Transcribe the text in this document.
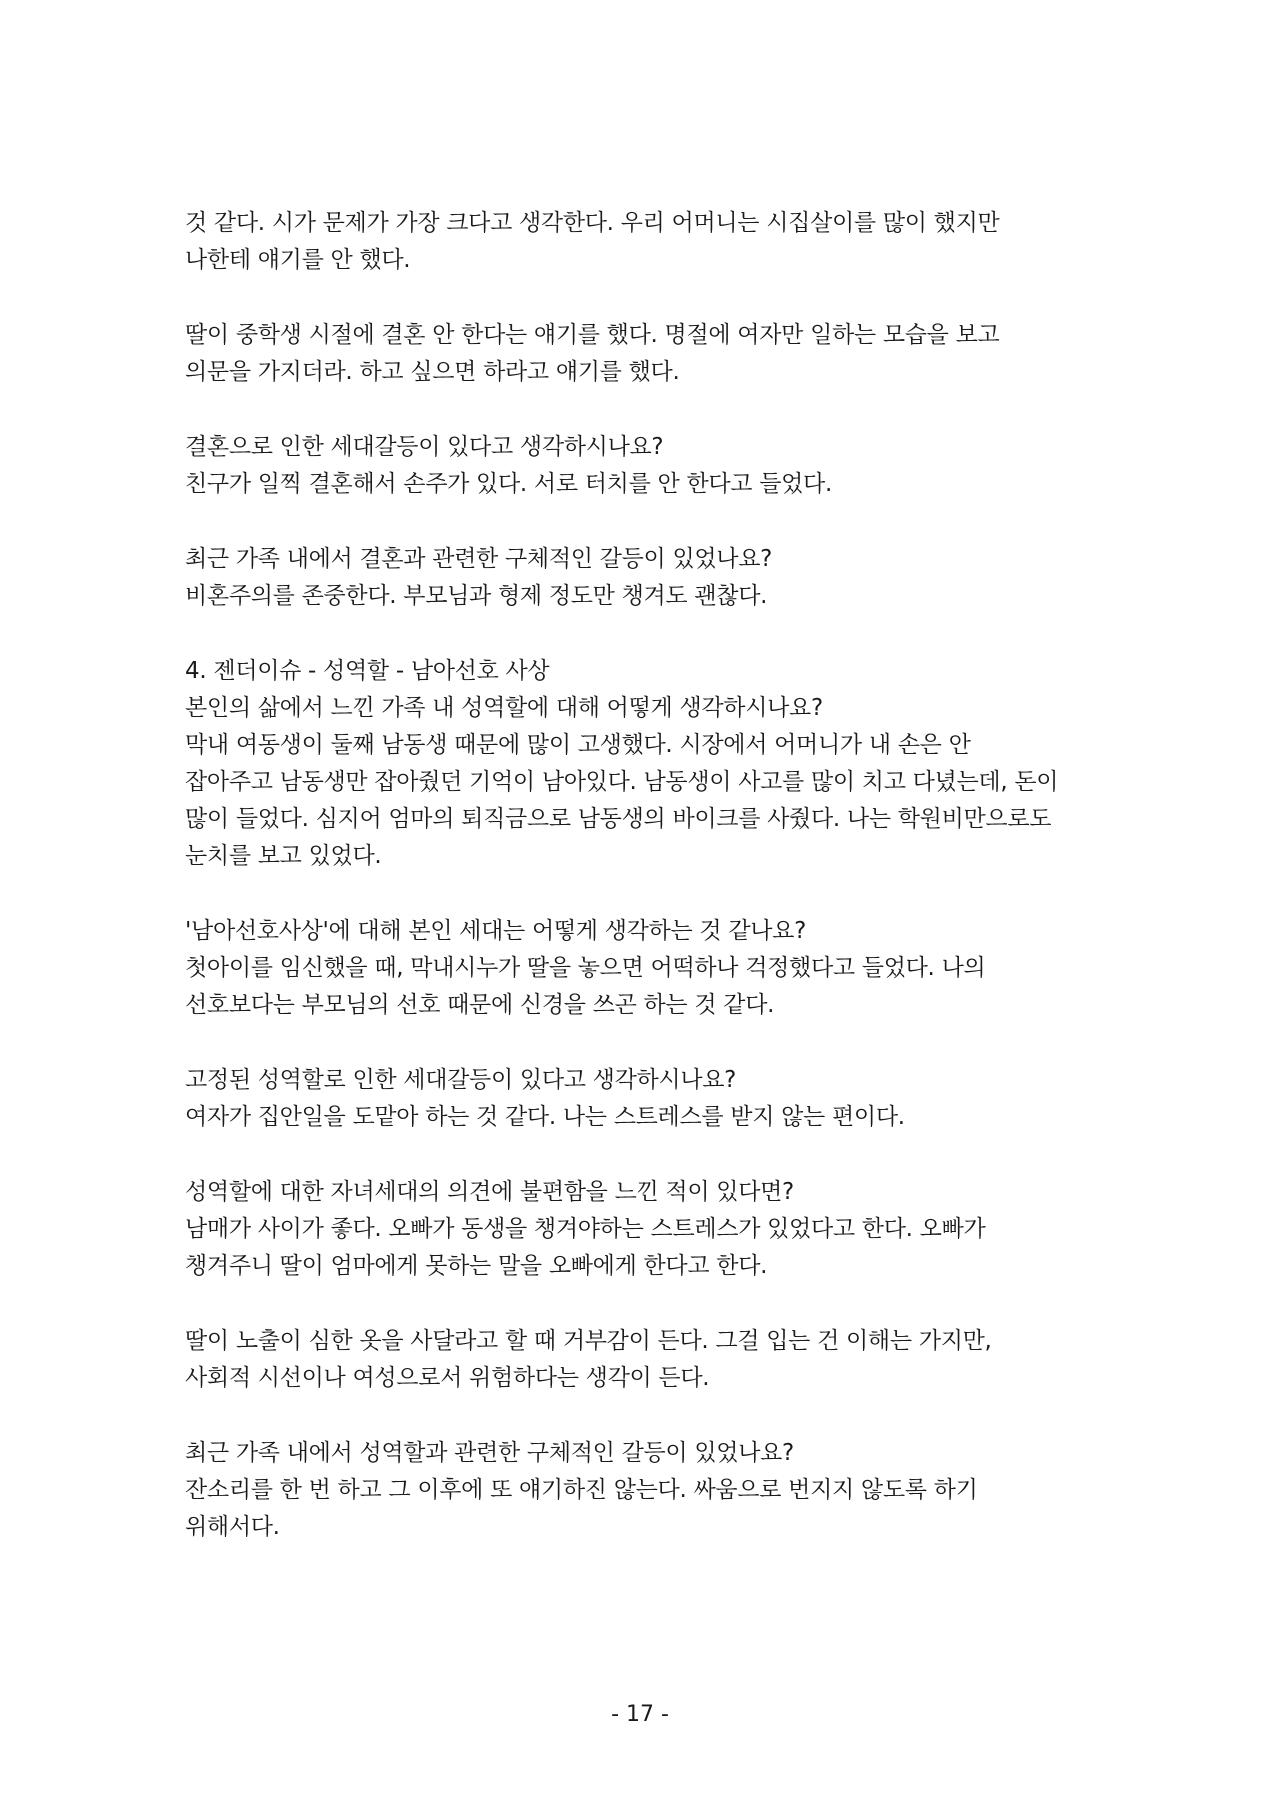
것 같다. 시가 문제가 가장 크다고 생각한다. 우리 어머니는 시집살이를 많이 했지만
나한테 얘기를 안 했다.
딸이 중학생 시절에 결혼 안 한다는 얘기를 했다. 명절에 여자만 일하는 모습을 보고
의문을 가지더라. 하고 싶으면 하라고 얘기를 했다.
결혼으로 인한 세대갈등이 있다고 생각하시나요?
친구가 일찍 결혼해서 손주가 있다. 서로 터치를 안 한다고 들었다.
최근 가족 내에서 결혼과 관련한 구체적인 갈등이 있었나요?
비혼주의를 존중한다. 부모님과 형제 정도만 챙겨도 괜찮다.
4. 젠더이슈 - 성역할 - 남아선호 사상
본인의 삶에서 느낀 가족 내 성역할에 대해 어떻게 생각하시나요?
막내 여동생이 둘째 남동생 때문에 많이 고생했다. 시장에서 어머니가 내 손은 안
잡아주고 남동생만 잡아줬던 기억이 남아있다. 남동생이 사고를 많이 치고 다녔는데, 돈이
많이 들었다. 심지어 엄마의 퇴직금으로 남동생의 바이크를 사줬다. 나는 학원비만으로도
눈치를 보고 있었다.
'남아선호사상'에 대해 본인 세대는 어떻게 생각하는 것 같나요?
첫아이를 임신했을 때, 막내시누가 딸을 놓으면 어떡하나 걱정했다고 들었다. 나의
선호보다는 부모님의 선호 때문에 신경을 쓰곤 하는 것 같다.
고정된 성역할로 인한 세대갈등이 있다고 생각하시나요?
여자가 집안일을 도맡아 하는 것 같다. 나는 스트레스를 받지 않는 편이다.
성역할에 대한 자녀세대의 의견에 불편함을 느낀 적이 있다면?
남매가 사이가 좋다. 오빠가 동생을 챙겨야하는 스트레스가 있었다고 한다. 오빠가
챙겨주니 딸이 엄마에게 못하는 말을 오빠에게 한다고 한다.
딸이 노출이 심한 옷을 사달라고 할 때 거부감이 든다. 그걸 입는 건 이해는 가지만,
사회적 시선이나 여성으로서 위험하다는 생각이 든다.
최근 가족 내에서 성역할과 관련한 구체적인 갈등이 있었나요?
잔소리를 한 번 하고 그 이후에 또 얘기하진 않는다. 싸움으로 번지지 않도록 하기
위해서다.
- 17 -
